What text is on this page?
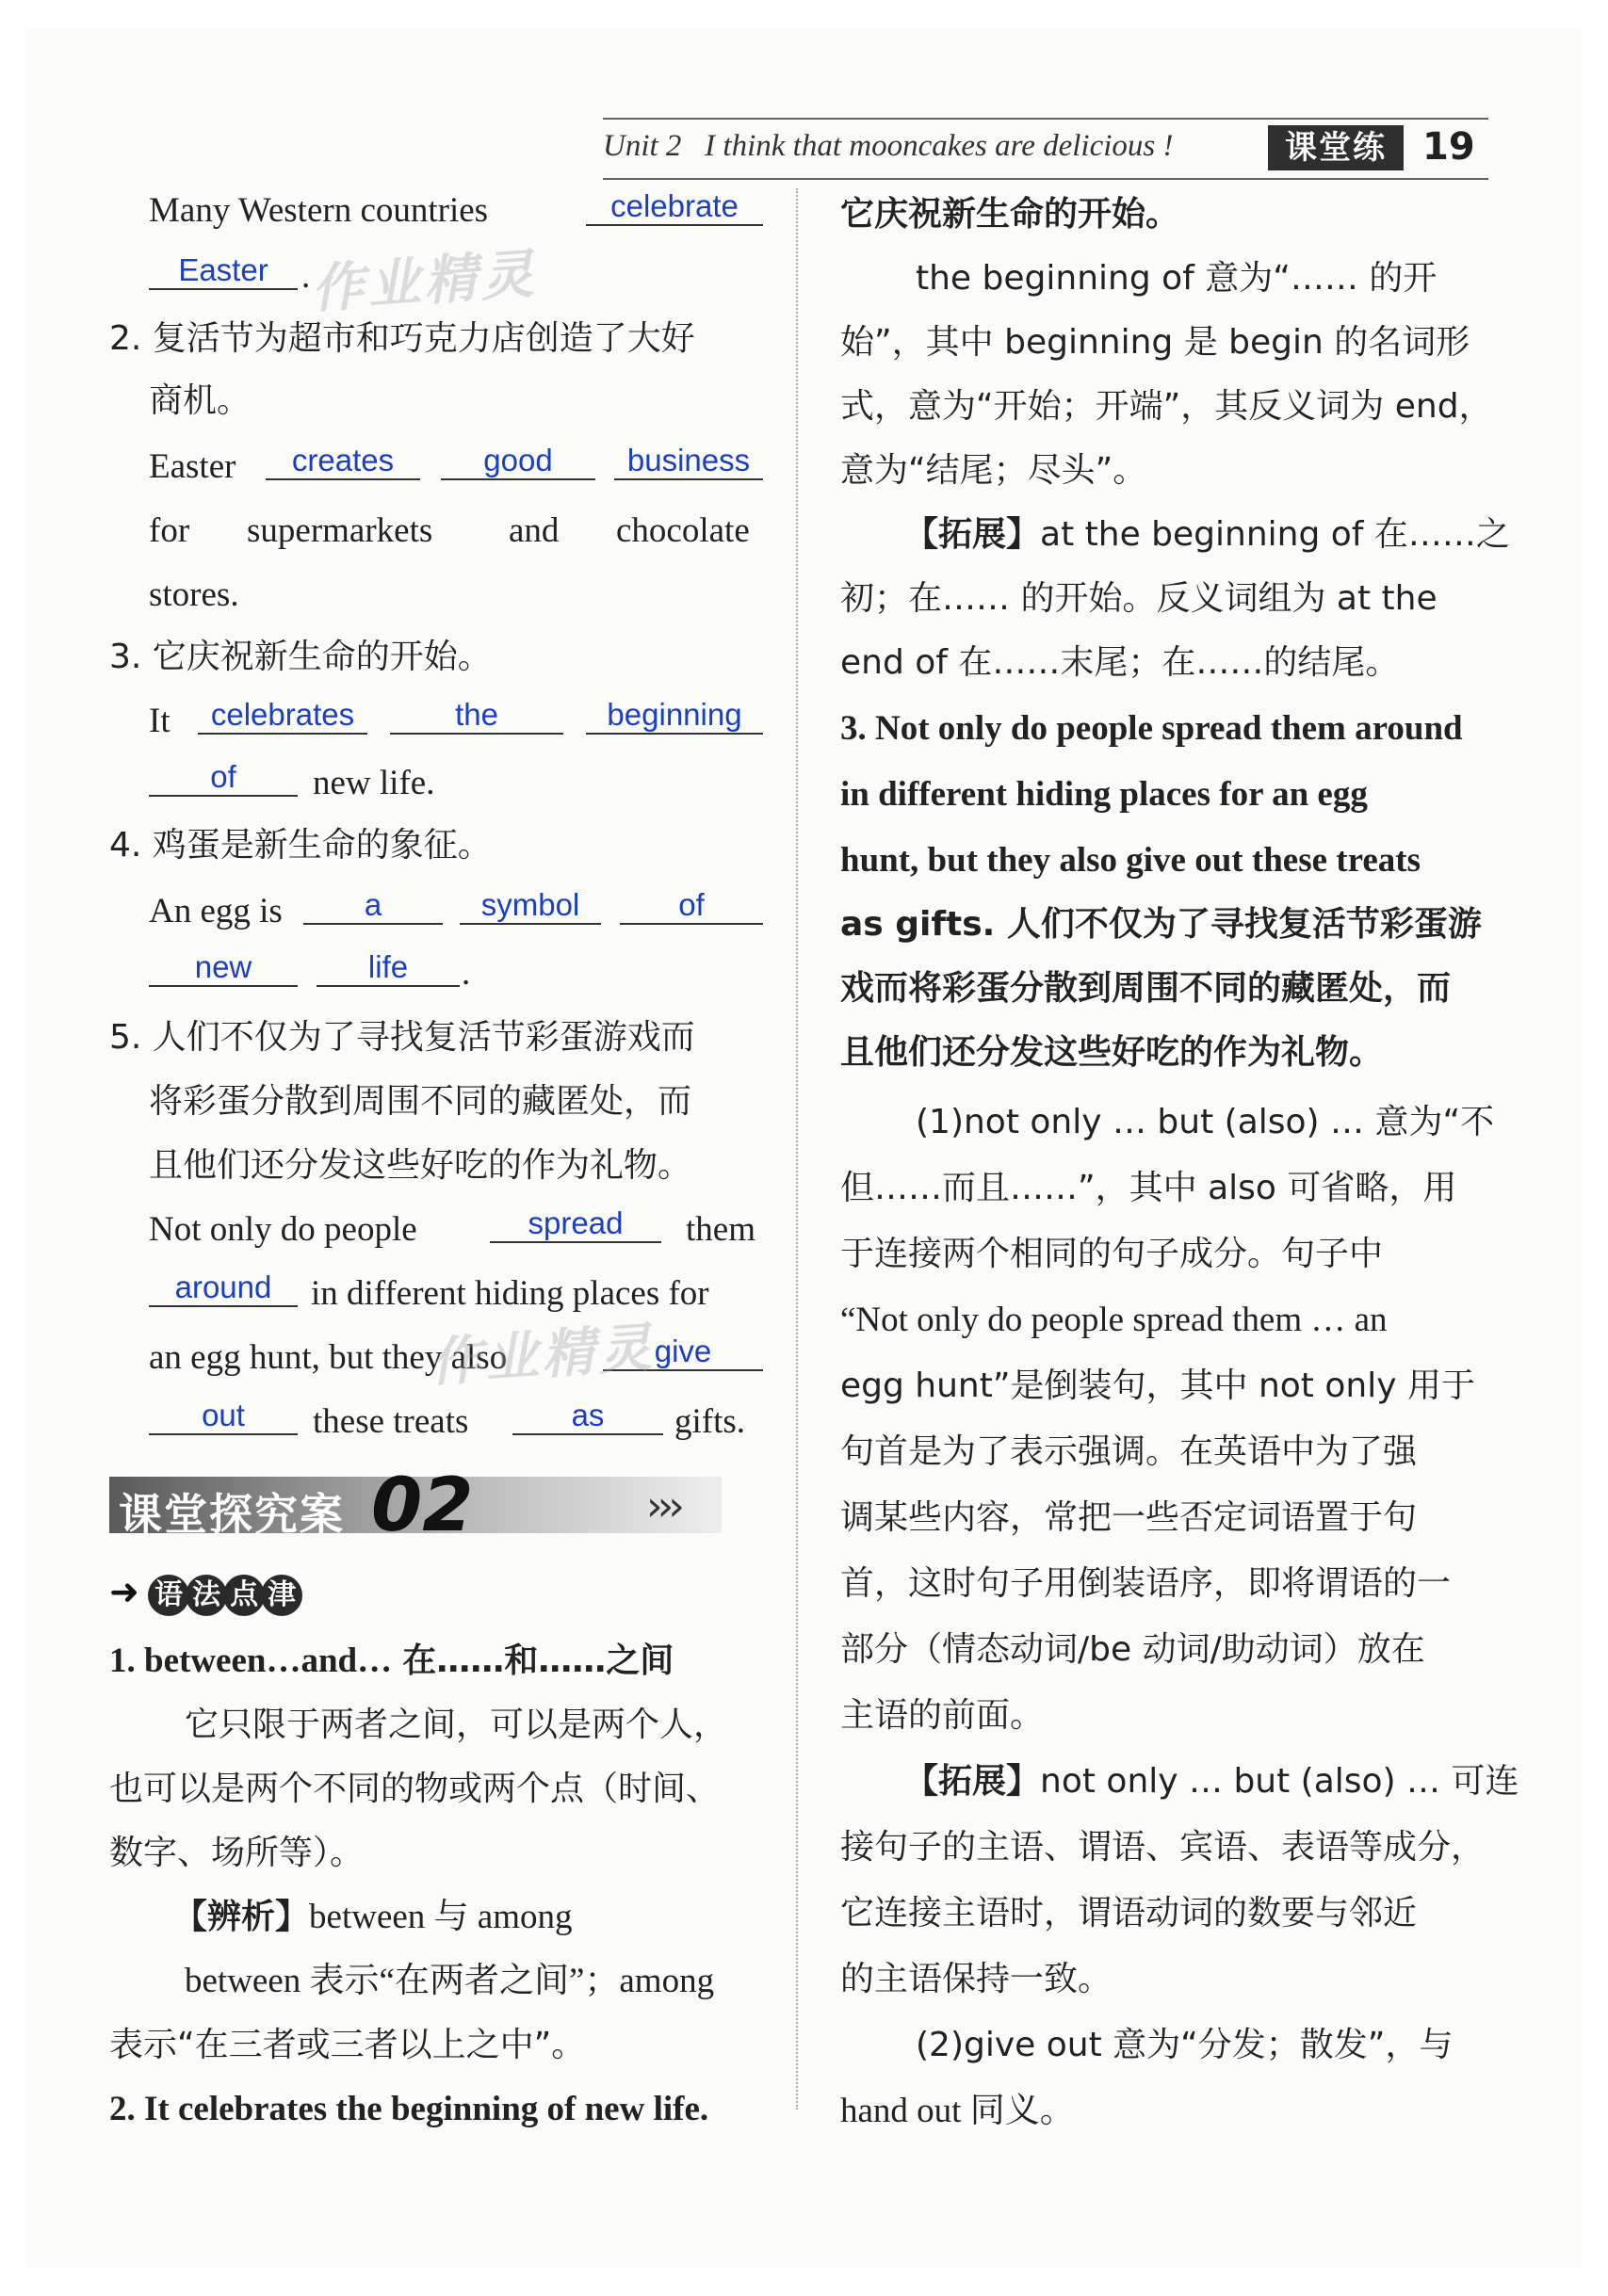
Unit 2 I think that mooncakes are delicious !	课堂练 19
Many Western countries	celebrate
Easter .
2. 复活节为超市和巧克力店创造了大好
商机。
Easter	creates	good	business
for supermarkets and chocolate
stores.
3. 它庆祝新生命的开始。
It	celebrates	the	beginning
of	new life.
4. 鸡蛋是新生命的象征。
An egg is	a	symbol	of
new	life	.
5. 人们不仅为了寻找复活节彩蛋游戏而
将彩蛋分散到周围不同的藏匿处，而
且他们还分发这些好吃的作为礼物。
Not only do people	spread	them
around	in different hiding places for
an egg hunt, but they also	give
out	these treats	as	gifts.
作业精灵
作业精灵
课堂探究案 02	›››
➜ 语 法 点 津
1. between…and… 在……和……之间
它只限于两者之间，可以是两个人，
也可以是两个不同的物或两个点（时间、
数字、场所等）。
【辨析】between 与 among
between 表示“在两者之间”；among
表示“在三者或三者以上之中”。
2. It celebrates the beginning of new life.
它庆祝新生命的开始。
the beginning of 意为“…… 的开
始”，其中 beginning 是 begin 的名词形
式，意为“开始；开端”，其反义词为 end，
意为“结尾；尽头”。
【拓展】at the beginning of 在……之
初；在…… 的开始。反义词组为 at the
end of 在……末尾；在……的结尾。
3. Not only do people spread them around
in different hiding places for an egg
hunt, but they also give out these treats
as gifts. 人们不仅为了寻找复活节彩蛋游
戏而将彩蛋分散到周围不同的藏匿处，而
且他们还分发这些好吃的作为礼物。
(1)not only … but (also) … 意为“不
但……而且……”，其中 also 可省略，用
于连接两个相同的句子成分。句子中
“Not only do people spread them … an
egg hunt”是倒装句，其中 not only 用于
句首是为了表示强调。在英语中为了强
调某些内容，常把一些否定词语置于句
首，这时句子用倒装语序，即将谓语的一
部分（情态动词/be 动词/助动词）放在
主语的前面。
【拓展】not only … but (also) … 可连
接句子的主语、谓语、宾语、表语等成分，
它连接主语时，谓语动词的数要与邻近
的主语保持一致。
(2)give out 意为“分发；散发”，与
hand out 同义。
